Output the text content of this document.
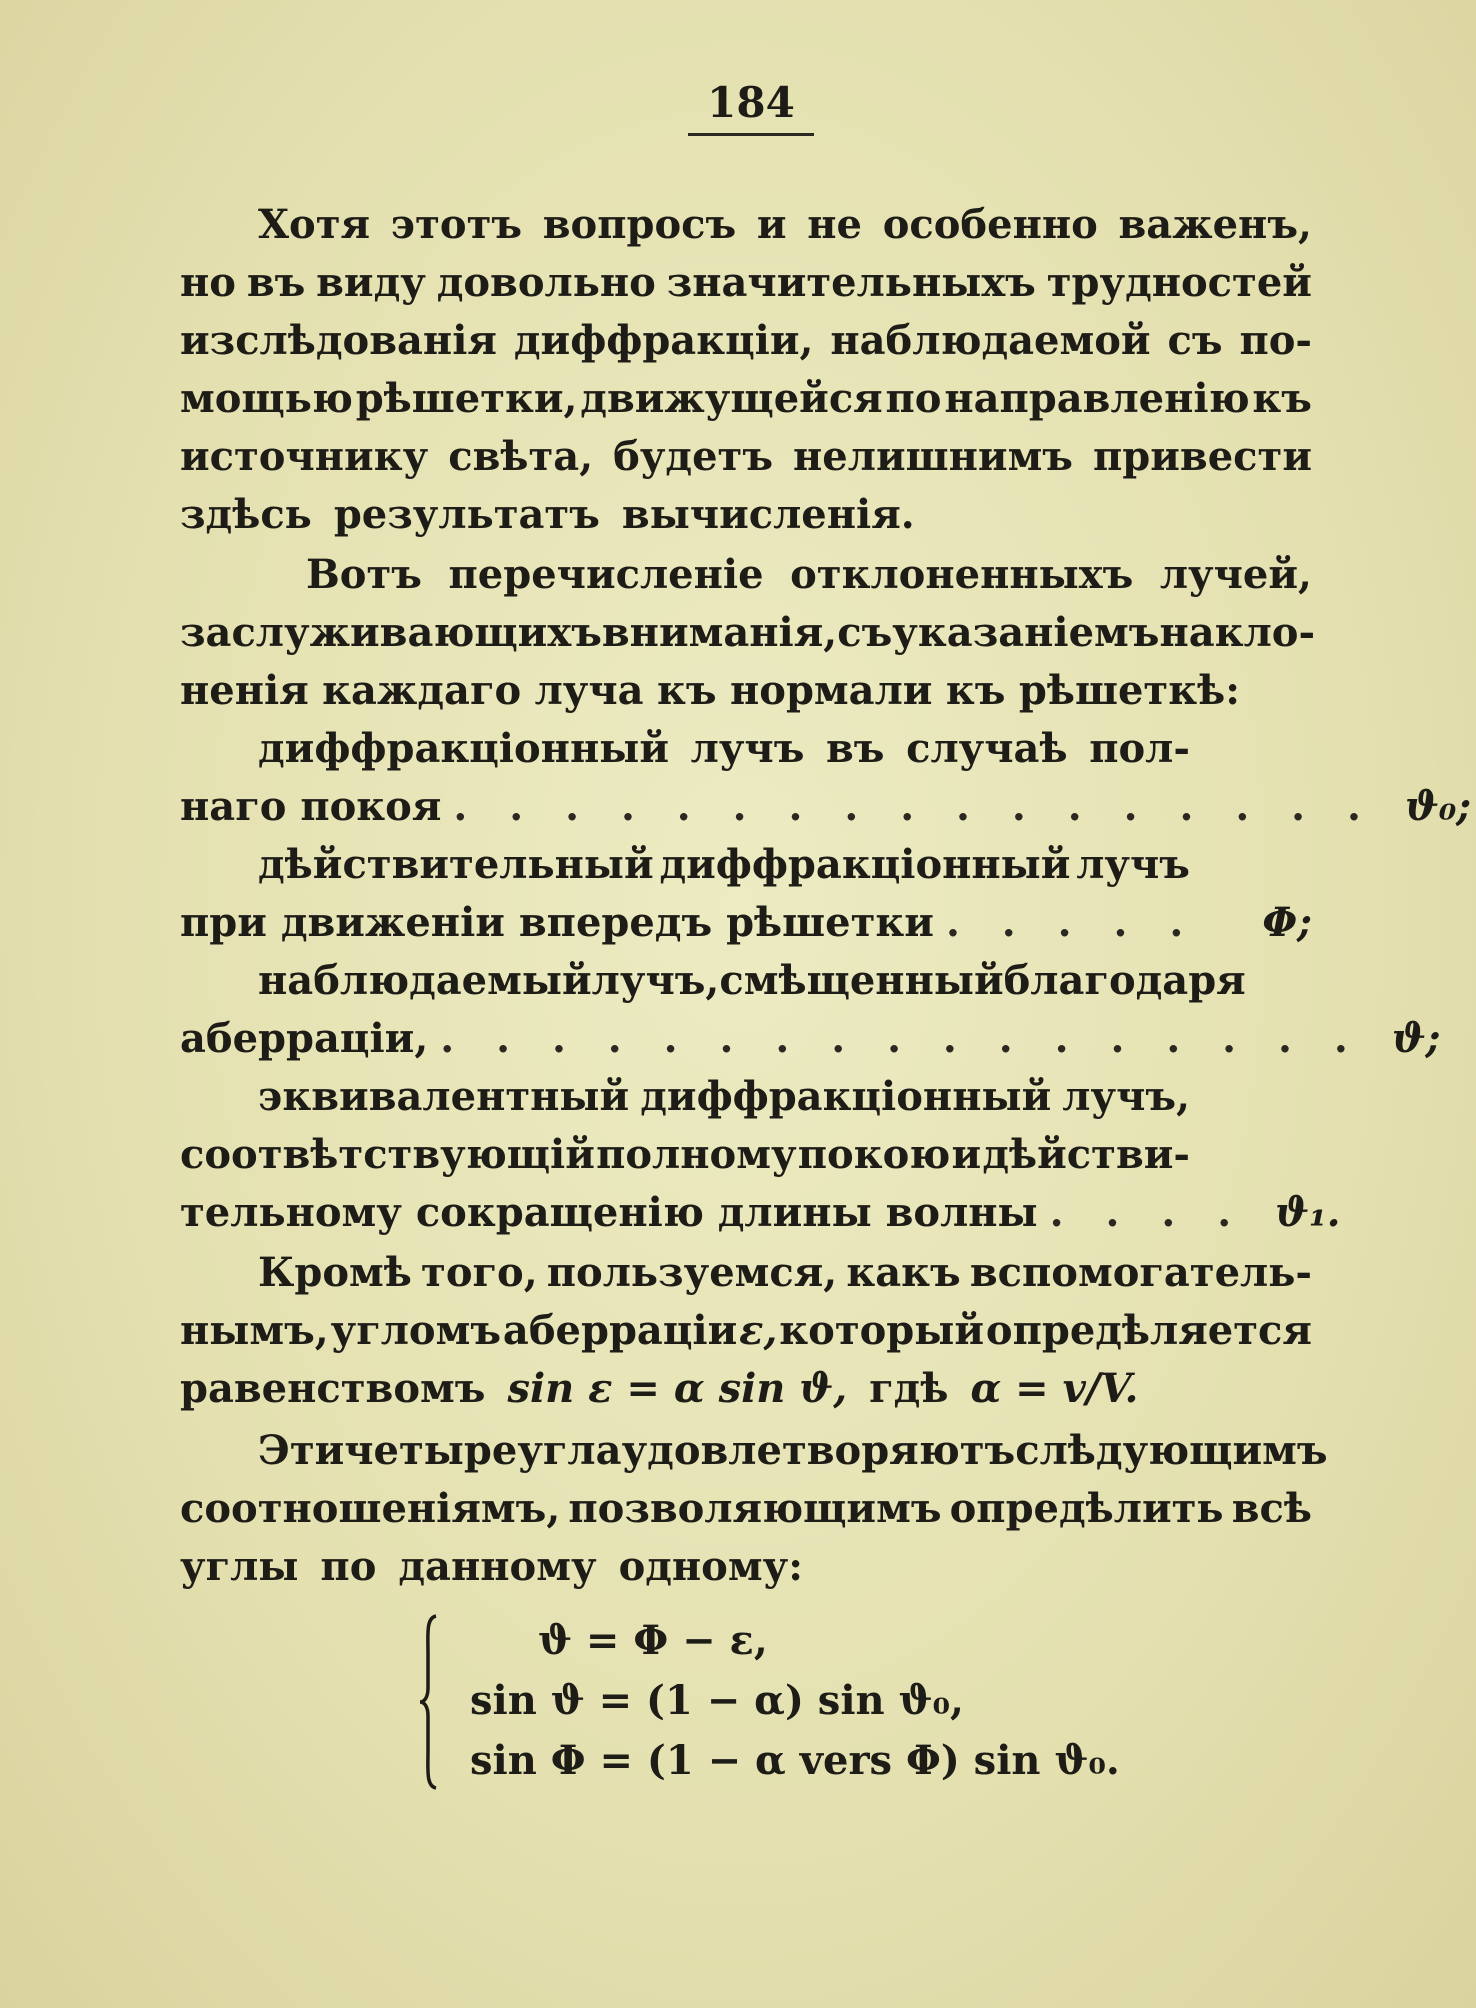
184
Хотя этотъ вопросъ и не особенно важенъ,
но въ виду довольно значительныхъ трудностей
изслѣдованія диффракціи, наблюдаемой съ по-
мощью рѣшетки, движущейся по направленію къ
источнику свѣта, будетъ нелишнимъ привести
здѣсь результатъ вычисленія.
Вотъ перечисленіе отклоненныхъ лучей,
заслуживающихъ вниманія, съ указаніемъ наклo-
ненія каждаго луча къ нормали къ рѣшеткѣ:
диффракціонный лучъ въ случаѣ пол-
наго покоя . . . . . . . . . . . . . . . . . ϑ₀;
дѣйствительный диффракціонный лучъ
при движеніи впередъ рѣшетки . . . . .	Φ;
наблюдаемый лучъ, смѣщенный благодаря
аберраціи, . . . . . . . . . . . . . . . . . ϑ;
эквивалентный диффракціонный лучъ,
соотвѣтствующій полному покою и дѣйстви-
тельному сокращенію длины волны . . . . ϑ₁.
Кромѣ того, пользуемся, какъ вспомогатель-
нымъ, угломъ аберраціи ε, который опредѣляется
равенствомъ sin ε = α sin ϑ, гдѣ α = v/V.
Эти четыре угла удовлетворяютъ слѣдующимъ
соотношеніямъ, позволяющимъ опредѣлить всѣ
углы по данному одному:
ϑ = Φ − ε,
sin ϑ = (1 − α) sin ϑ₀,
sin Φ = (1 − α vers Φ) sin ϑ₀.
